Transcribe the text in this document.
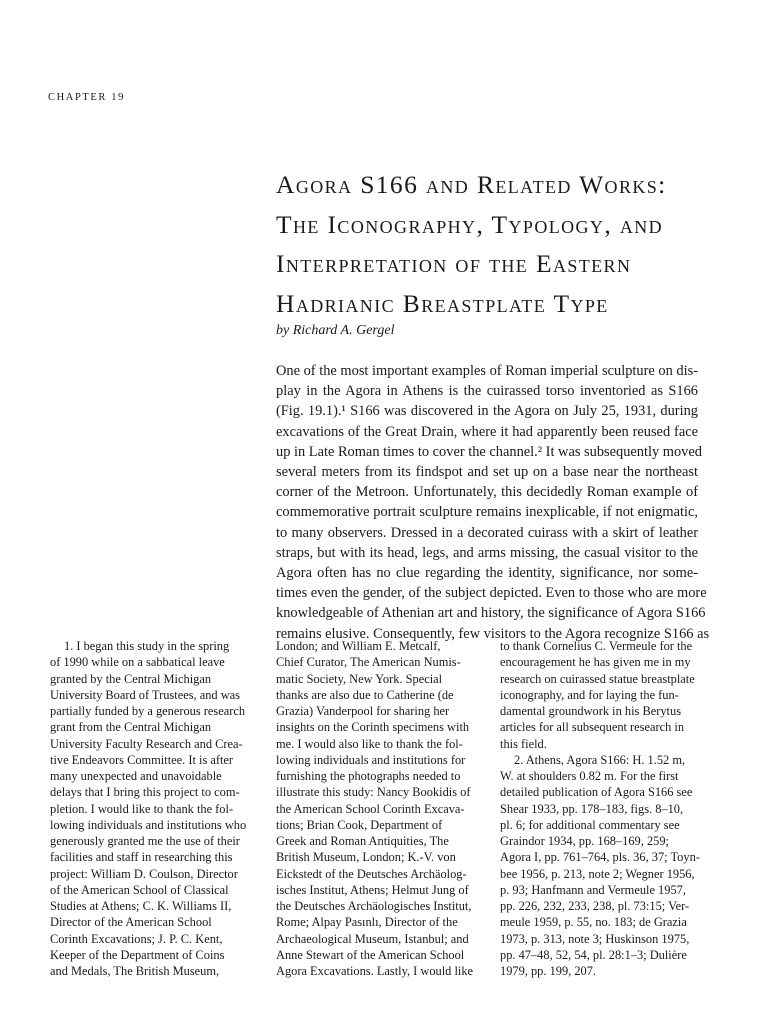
CHAPTER 19
Agora S166 and Related Works:
The Iconography, Typology, and
Interpretation of the Eastern
Hadrianic Breastplate Type
by Richard A. Gergel

One of the most important examples of Roman imperial sculpture on dis-
play in the Agora in Athens is the cuirassed torso inventoried as S166
(Fig. 19.1).¹ S166 was discovered in the Agora on July 25, 1931, during
excavations of the Great Drain, where it had apparently been reused face
up in Late Roman times to cover the channel.² It was subsequently moved
several meters from its findspot and set up on a base near the northeast
corner of the Metroon. Unfortunately, this decidedly Roman example of
commemorative portrait sculpture remains inexplicable, if not enigmatic,
to many observers. Dressed in a decorated cuirass with a skirt of leather
straps, but with its head, legs, and arms missing, the casual visitor to the
Agora often has no clue regarding the identity, significance, nor some-
times even the gender, of the subject depicted. Even to those who are more
knowledgeable of Athenian art and history, the significance of Agora S166
remains elusive. Consequently, few visitors to the Agora recognize S166 as

1. I began this study in the spring
of 1990 while on a sabbatical leave
granted by the Central Michigan
University Board of Trustees, and was
partially funded by a generous research
grant from the Central Michigan
University Faculty Research and Crea-
tive Endeavors Committee. It is after
many unexpected and unavoidable
delays that I bring this project to com-
pletion. I would like to thank the fol-
lowing individuals and institutions who
generously granted me the use of their
facilities and staff in researching this
project: William D. Coulson, Director
of the American School of Classical
Studies at Athens; C. K. Williams II,
Director of the American School
Corinth Excavations; J. P. C. Kent,
Keeper of the Department of Coins
and Medals, The British Museum,
London; and William E. Metcalf,
Chief Curator, The American Numis-
matic Society, New York. Special
thanks are also due to Catherine (de
Grazia) Vanderpool for sharing her
insights on the Corinth specimens with
me. I would also like to thank the fol-
lowing individuals and institutions for
furnishing the photographs needed to
illustrate this study: Nancy Bookidis of
the American School Corinth Excava-
tions; Brian Cook, Department of
Greek and Roman Antiquities, The
British Museum, London; K.-V. von
Eickstedt of the Deutsches Archäolog-
isches Institut, Athens; Helmut Jung of
the Deutsches Archäologisches Institut,
Rome; Alpay Pasınlı, Director of the
Archaeological Museum, Istanbul; and
Anne Stewart of the American School
Agora Excavations. Lastly, I would like
to thank Cornelius C. Vermeule for the
encouragement he has given me in my
research on cuirassed statue breastplate
iconography, and for laying the fun-
damental groundwork in his Berytus
articles for all subsequent research in
this field.
2. Athens, Agora S166: H. 1.52 m,
W. at shoulders 0.82 m. For the first
detailed publication of Agora S166 see
Shear 1933, pp. 178–183, figs. 8–10,
pl. 6; for additional commentary see
Graindor 1934, pp. 168–169, 259;
Agora I, pp. 761–764, pls. 36, 37; Toyn-
bee 1956, p. 213, note 2; Wegner 1956,
p. 93; Hanfmann and Vermeule 1957,
pp. 226, 232, 233, 238, pl. 73:15; Ver-
meule 1959, p. 55, no. 183; de Grazia
1973, p. 313, note 3; Huskinson 1975,
pp. 47–48, 52, 54, pl. 28:1–3; Dulière
1979, pp. 199, 207.
